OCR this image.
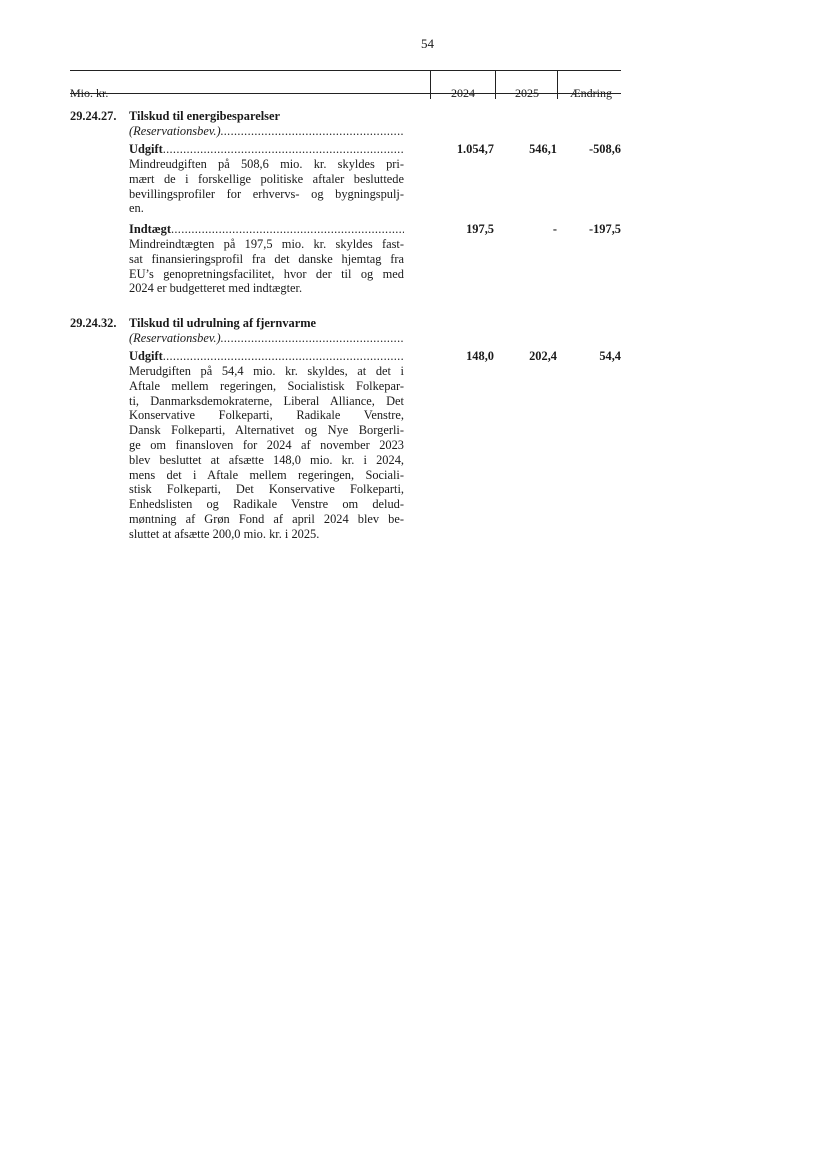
54
Mio. kr.	2024	2025	Ændring
29.24.27. Tilskud til energibesparelser
(Reservationsbev.) .....
Udgift .....	1.054,7	546,1	-508,6
Mindreudgiften på 508,6 mio. kr. skyldes pri-
mært de i forskellige politiske aftaler besluttede
bevillingsprofiler for erhvervs- og bygningspulj-
en.
Indtægt .....	197,5	-	-197,5
Mindreindtægten på 197,5 mio. kr. skyldes fast-
sat finansieringsprofil fra det danske hjemtag fra
EU’s genopretningsfacilitet, hvor der til og med
2024 er budgetteret med indtægter.
29.24.32. Tilskud til udrulning af fjernvarme
(Reservationsbev.) .....
Udgift .....	148,0	202,4	54,4
Merudgiften på 54,4 mio. kr. skyldes, at det i
Aftale mellem regeringen, Socialistisk Folkepar-
ti, Danmarksdemokraterne, Liberal Alliance, Det
Konservative Folkeparti, Radikale Venstre,
Dansk Folkeparti, Alternativet og Nye Borgerli-
ge om finansloven for 2024 af november 2023
blev besluttet at afsætte 148,0 mio. kr. i 2024,
mens det i Aftale mellem regeringen, Sociali-
stisk Folkeparti, Det Konservative Folkeparti,
Enhedslisten og Radikale Venstre om delud-
møntning af Grøn Fond af april 2024 blev be-
sluttet at afsætte 200,0 mio. kr. i 2025.
